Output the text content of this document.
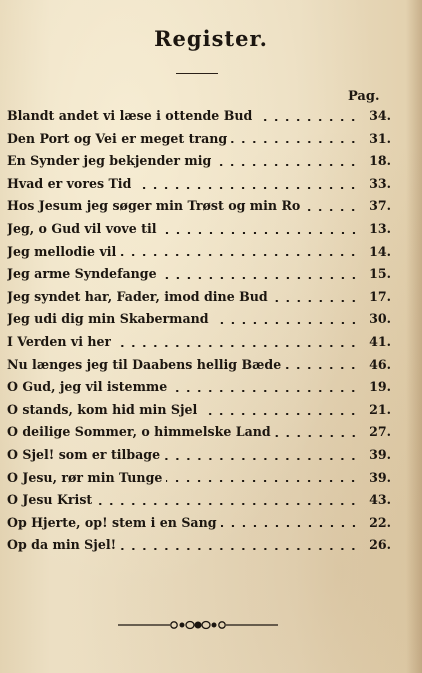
Register.
Pag.
Blandt andet vi læse i ottende Bud	34.
Den Port og Vei er meget trang	31.
En Synder jeg bekjender mig	18.
Hvad er vores Tid	33.
Hos Jesum jeg søger min Trøst og min Ro	37.
Jeg, o Gud vil vove til	13.
Jeg mellodie vil	14.
Jeg arme Syndefange	15.
Jeg syndet har, Fader, imod dine Bud	17.
Jeg udi dig min Skabermand	30.
I Verden vi her	41.
Nu længes jeg til Daabens hellig Bæde	46.
O Gud, jeg vil istemme	19.
O stands, kom hid min Sjel	21.
O deilige Sommer, o himmelske Land	27.
O Sjel! som er tilbage	39.
O Jesu, rør min Tunge	39.
O Jesu Krist	43.
Op Hjerte, op! stem i en Sang	22.
Op da min Sjel!	26.
